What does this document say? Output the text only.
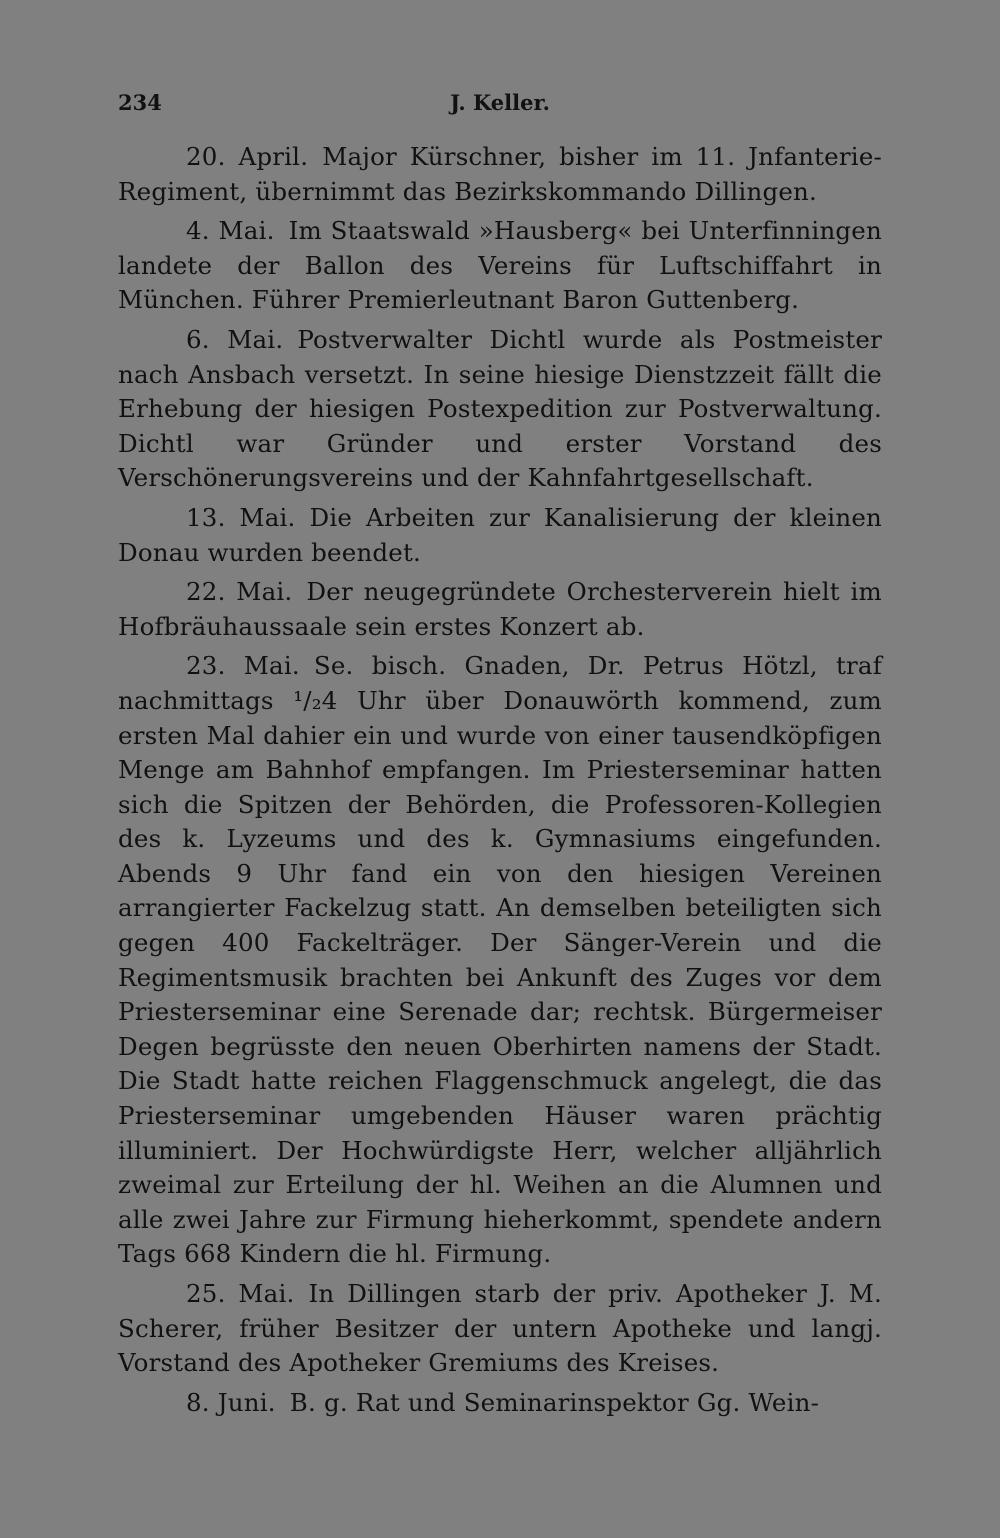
234	J. Keller.

20. April. Major Kürschner, bisher im 11. Jnfanterie-Regiment, übernimmt das Bezirkskommando Dillingen.

4. Mai. Im Staatswald »Hausberg« bei Unterfinningen landete der Ballon des Vereins für Luftschiffahrt in München. Führer Premierleutnant Baron Guttenberg.

6. Mai. Postverwalter Dichtl wurde als Postmeister nach Ansbach versetzt. In seine hiesige Dienstzzeit fällt die Erhebung der hiesigen Postexpedition zur Postverwaltung. Dichtl war Gründer und erster Vorstand des Verschönerungsvereins und der Kahnfahrtgesellschaft.

13. Mai. Die Arbeiten zur Kanalisierung der kleinen Donau wurden beendet.

22. Mai. Der neugegründete Orchesterverein hielt im Hofbräuhaussaale sein erstes Konzert ab.

23. Mai. Se. bisch. Gnaden, Dr. Petrus Hötzl, traf nachmittags ¹/₂4 Uhr über Donauwörth kommend, zum ersten Mal dahier ein und wurde von einer tausendköpfigen Menge am Bahnhof empfangen. Im Priesterseminar hatten sich die Spitzen der Behörden, die Professoren-Kollegien des k. Lyzeums und des k. Gymnasiums eingefunden. Abends 9 Uhr fand ein von den hiesigen Vereinen arrangierter Fackelzug statt. An demselben beteiligten sich gegen 400 Fackelträger. Der Sänger-Verein und die Regimentsmusik brachten bei Ankunft des Zuges vor dem Priesterseminar eine Serenade dar; rechtsk. Bürgermeiser Degen begrüsste den neuen Oberhirten namens der Stadt. Die Stadt hatte reichen Flaggenschmuck angelegt, die das Priesterseminar umgebenden Häuser waren prächtig illuminiert. Der Hochwürdigste Herr, welcher alljährlich zweimal zur Erteilung der hl. Weihen an die Alumnen und alle zwei Jahre zur Firmung hieherkommt, spendete andern Tags 668 Kindern die hl. Firmung.

25. Mai. In Dillingen starb der priv. Apotheker J. M. Scherer, früher Besitzer der untern Apotheke und langj. Vorstand des Apotheker Gremiums des Kreises.

8. Juni. B. g. Rat und Seminarinspektor Gg. Wein-
